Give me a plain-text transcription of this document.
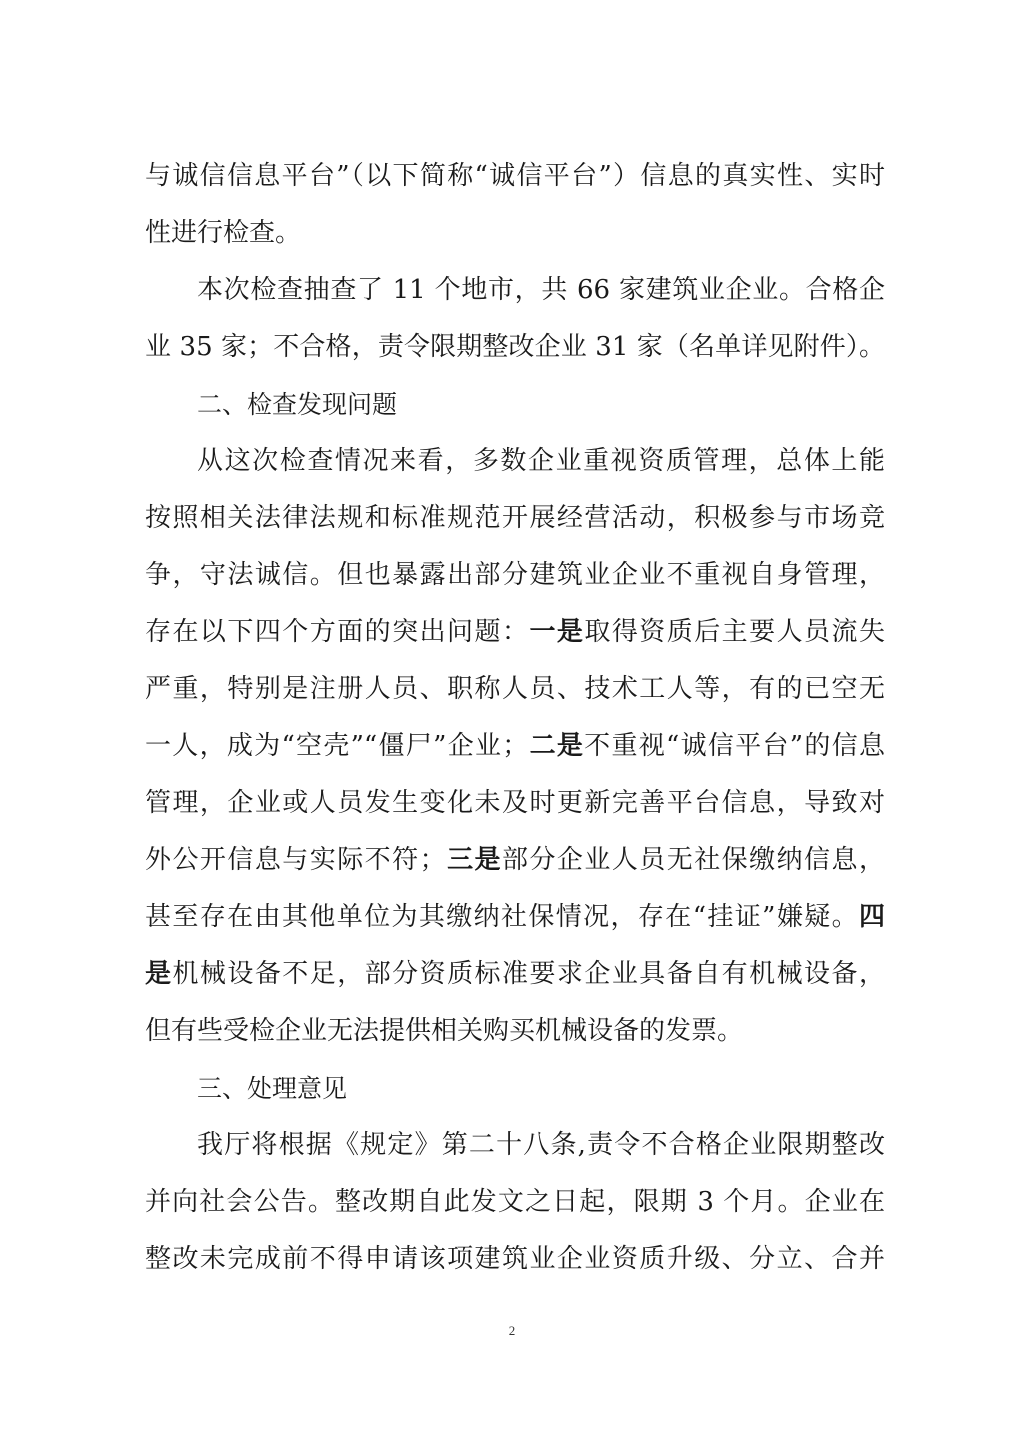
与诚信信息平台”（以下简称“诚信平台”）信息的真实性、实时
性进行检查。
本次检查抽查了 11 个地市，共 66 家建筑业企业。合格企
业 35 家；不合格，责令限期整改企业 31 家（名单详见附件）。
二、检查发现问题
从这次检查情况来看，多数企业重视资质管理，总体上能
按照相关法律法规和标准规范开展经营活动，积极参与市场竞
争，守法诚信。但也暴露出部分建筑业企业不重视自身管理，
存在以下四个方面的突出问题：一是取得资质后主要人员流失
严重，特别是注册人员、职称人员、技术工人等，有的已空无
一人，成为“空壳”“僵尸”企业；二是不重视“诚信平台”的信息
管理，企业或人员发生变化未及时更新完善平台信息，导致对
外公开信息与实际不符；三是部分企业人员无社保缴纳信息，
甚至存在由其他单位为其缴纳社保情况，存在“挂证”嫌疑。四
是机械设备不足，部分资质标准要求企业具备自有机械设备，
但有些受检企业无法提供相关购买机械设备的发票。
三、处理意见
我厅将根据《规定》第二十八条,责令不合格企业限期整改
并向社会公告。整改期自此发文之日起，限期 3 个月。企业在
整改未完成前不得申请该项建筑业企业资质升级、分立、合并
2
